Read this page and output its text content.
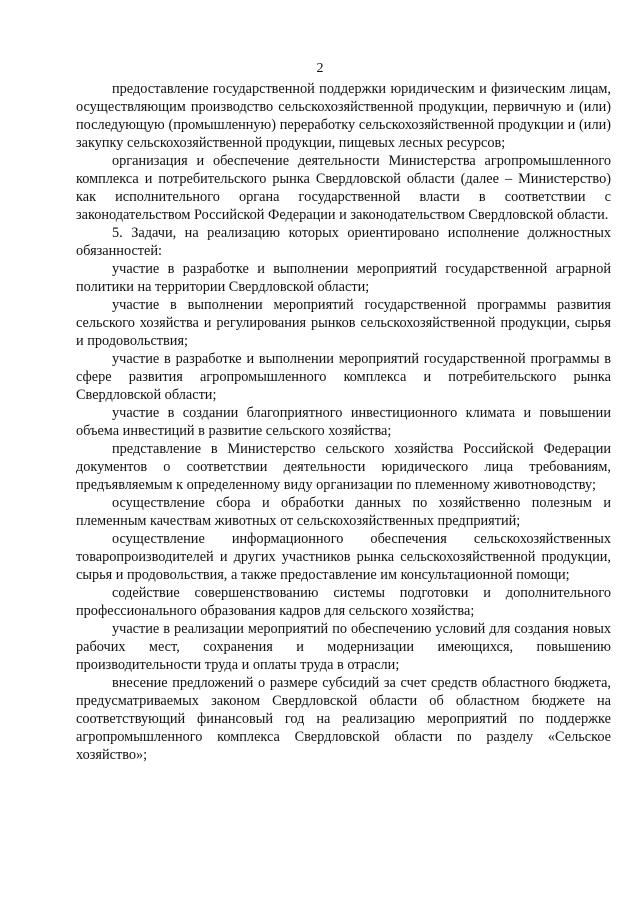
2

предоставление государственной поддержки юридическим и физическим лицам, осуществляющим производство сельскохозяйственной продукции, первичную и (или) последующую (промышленную) переработку сельскохозяйственной продукции и (или) закупку сельскохозяйственной продукции, пищевых лесных ресурсов;

организация и обеспечение деятельности Министерства агропромышленного комплекса и потребительского рынка Свердловской области (далее – Министерство) как исполнительного органа государственной власти в соответствии с законодательством Российской Федерации и законодательством Свердловской области.

5. Задачи, на реализацию которых ориентировано исполнение должностных обязанностей:

участие в разработке и выполнении мероприятий государственной аграрной политики на территории Свердловской области;

участие в выполнении мероприятий государственной программы развития сельского хозяйства и регулирования рынков сельскохозяйственной продукции, сырья и продовольствия;

участие в разработке и выполнении мероприятий государственной программы в сфере развития агропромышленного комплекса и потребительского рынка Свердловской области;

участие в создании благоприятного инвестиционного климата и повышении объема инвестиций в развитие сельского хозяйства;

представление в Министерство сельского хозяйства Российской Федерации документов о соответствии деятельности юридического лица требованиям, предъявляемым к определенному виду организации по племенному животноводству;

осуществление сбора и обработки данных по хозяйственно полезным и племенным качествам животных от сельскохозяйственных предприятий;

осуществление информационного обеспечения сельскохозяйственных товаропроизводителей и других участников рынка сельскохозяйственной продукции, сырья и продовольствия, а также предоставление им консультационной помощи;

содействие совершенствованию системы подготовки и дополнительного профессионального образования кадров для сельского хозяйства;

участие в реализации мероприятий по обеспечению условий для создания новых рабочих мест, сохранения и модернизации имеющихся, повышению производительности труда и оплаты труда в отрасли;

внесение предложений о размере субсидий за счет средств областного бюджета, предусматриваемых законом Свердловской области об областном бюджете на соответствующий финансовый год на реализацию мероприятий по поддержке агропромышленного комплекса Свердловской области по разделу «Сельское хозяйство»;
